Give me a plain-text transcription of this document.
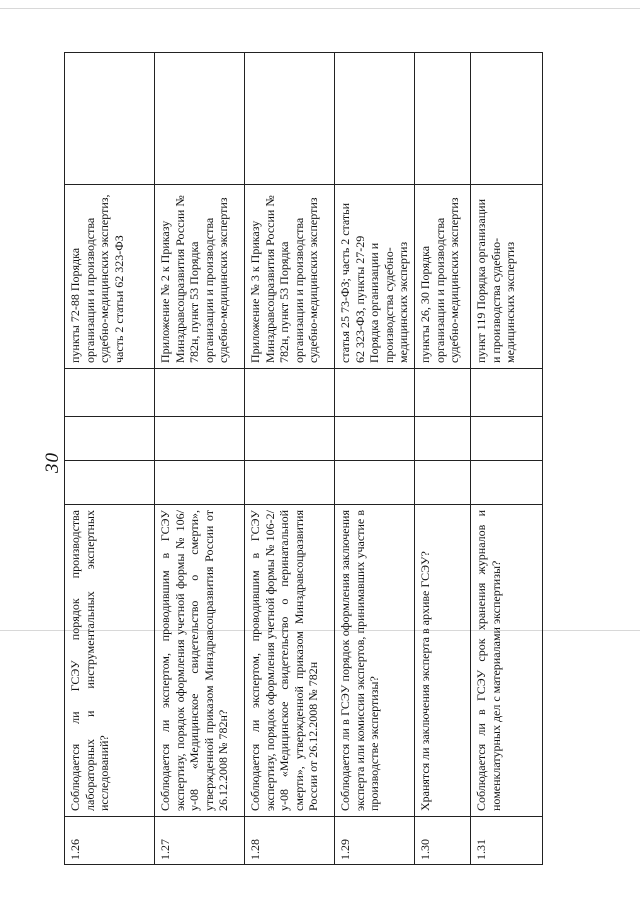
30
1.26	Соблюдается ли ГСЭУ порядок производства лабораторных и инструментальных экспертных исследований?				пункты 72-88 Порядка организации и производства судебно-медицинских экспертиз, часть 2 статьи 62 323-ФЗ	
1.27	Соблюдается ли экспертом, проводившим в ГСЭУ экспертизу, порядок оформления учетной формы № 106/у-08 «Медицинское свидетельство о смерти», утвержденной приказом Минздравсоцразвития России от 26.12.2008 № 782н?				Приложение № 2 к Приказу Минздравсоцразвития России № 782н, пункт 53 Порядка организации и производства судебно-медицинских экспертиз	
1.28	Соблюдается ли экспертом, проводившим в ГСЭУ экспертизу, порядок оформления учетной формы № 106-2/у-08 «Медицинское свидетельство о перинатальной смерти», утвержденной приказом Минздравсоцразвития России от 26.12.2008 № 782н				Приложение № 3 к Приказу Минздравсоцразвития России № 782н, пункт 53 Порядка организации и производства судебно-медицинских экспертиз	
1.29	Соблюдается ли в ГСЭУ порядок оформления заключения эксперта или комиссии экспертов, принимавших участие в производстве экспертизы?				статья 25 73-ФЗ; часть 2 статьи 62 323-ФЗ, пункты 27-29 Порядка организации и производства судебно-медицинских экспертиз	
1.30	Хранятся ли заключения эксперта в архиве ГСЭУ?				пункты 26, 30 Порядка организации и производства судебно-медицинских экспертиз	
1.31	Соблюдается ли в ГСЭУ срок хранения журналов и номенклатурных дел с материалами экспертизы?				пункт 119 Порядка организации и производства судебно-медицинских экспертиз	
